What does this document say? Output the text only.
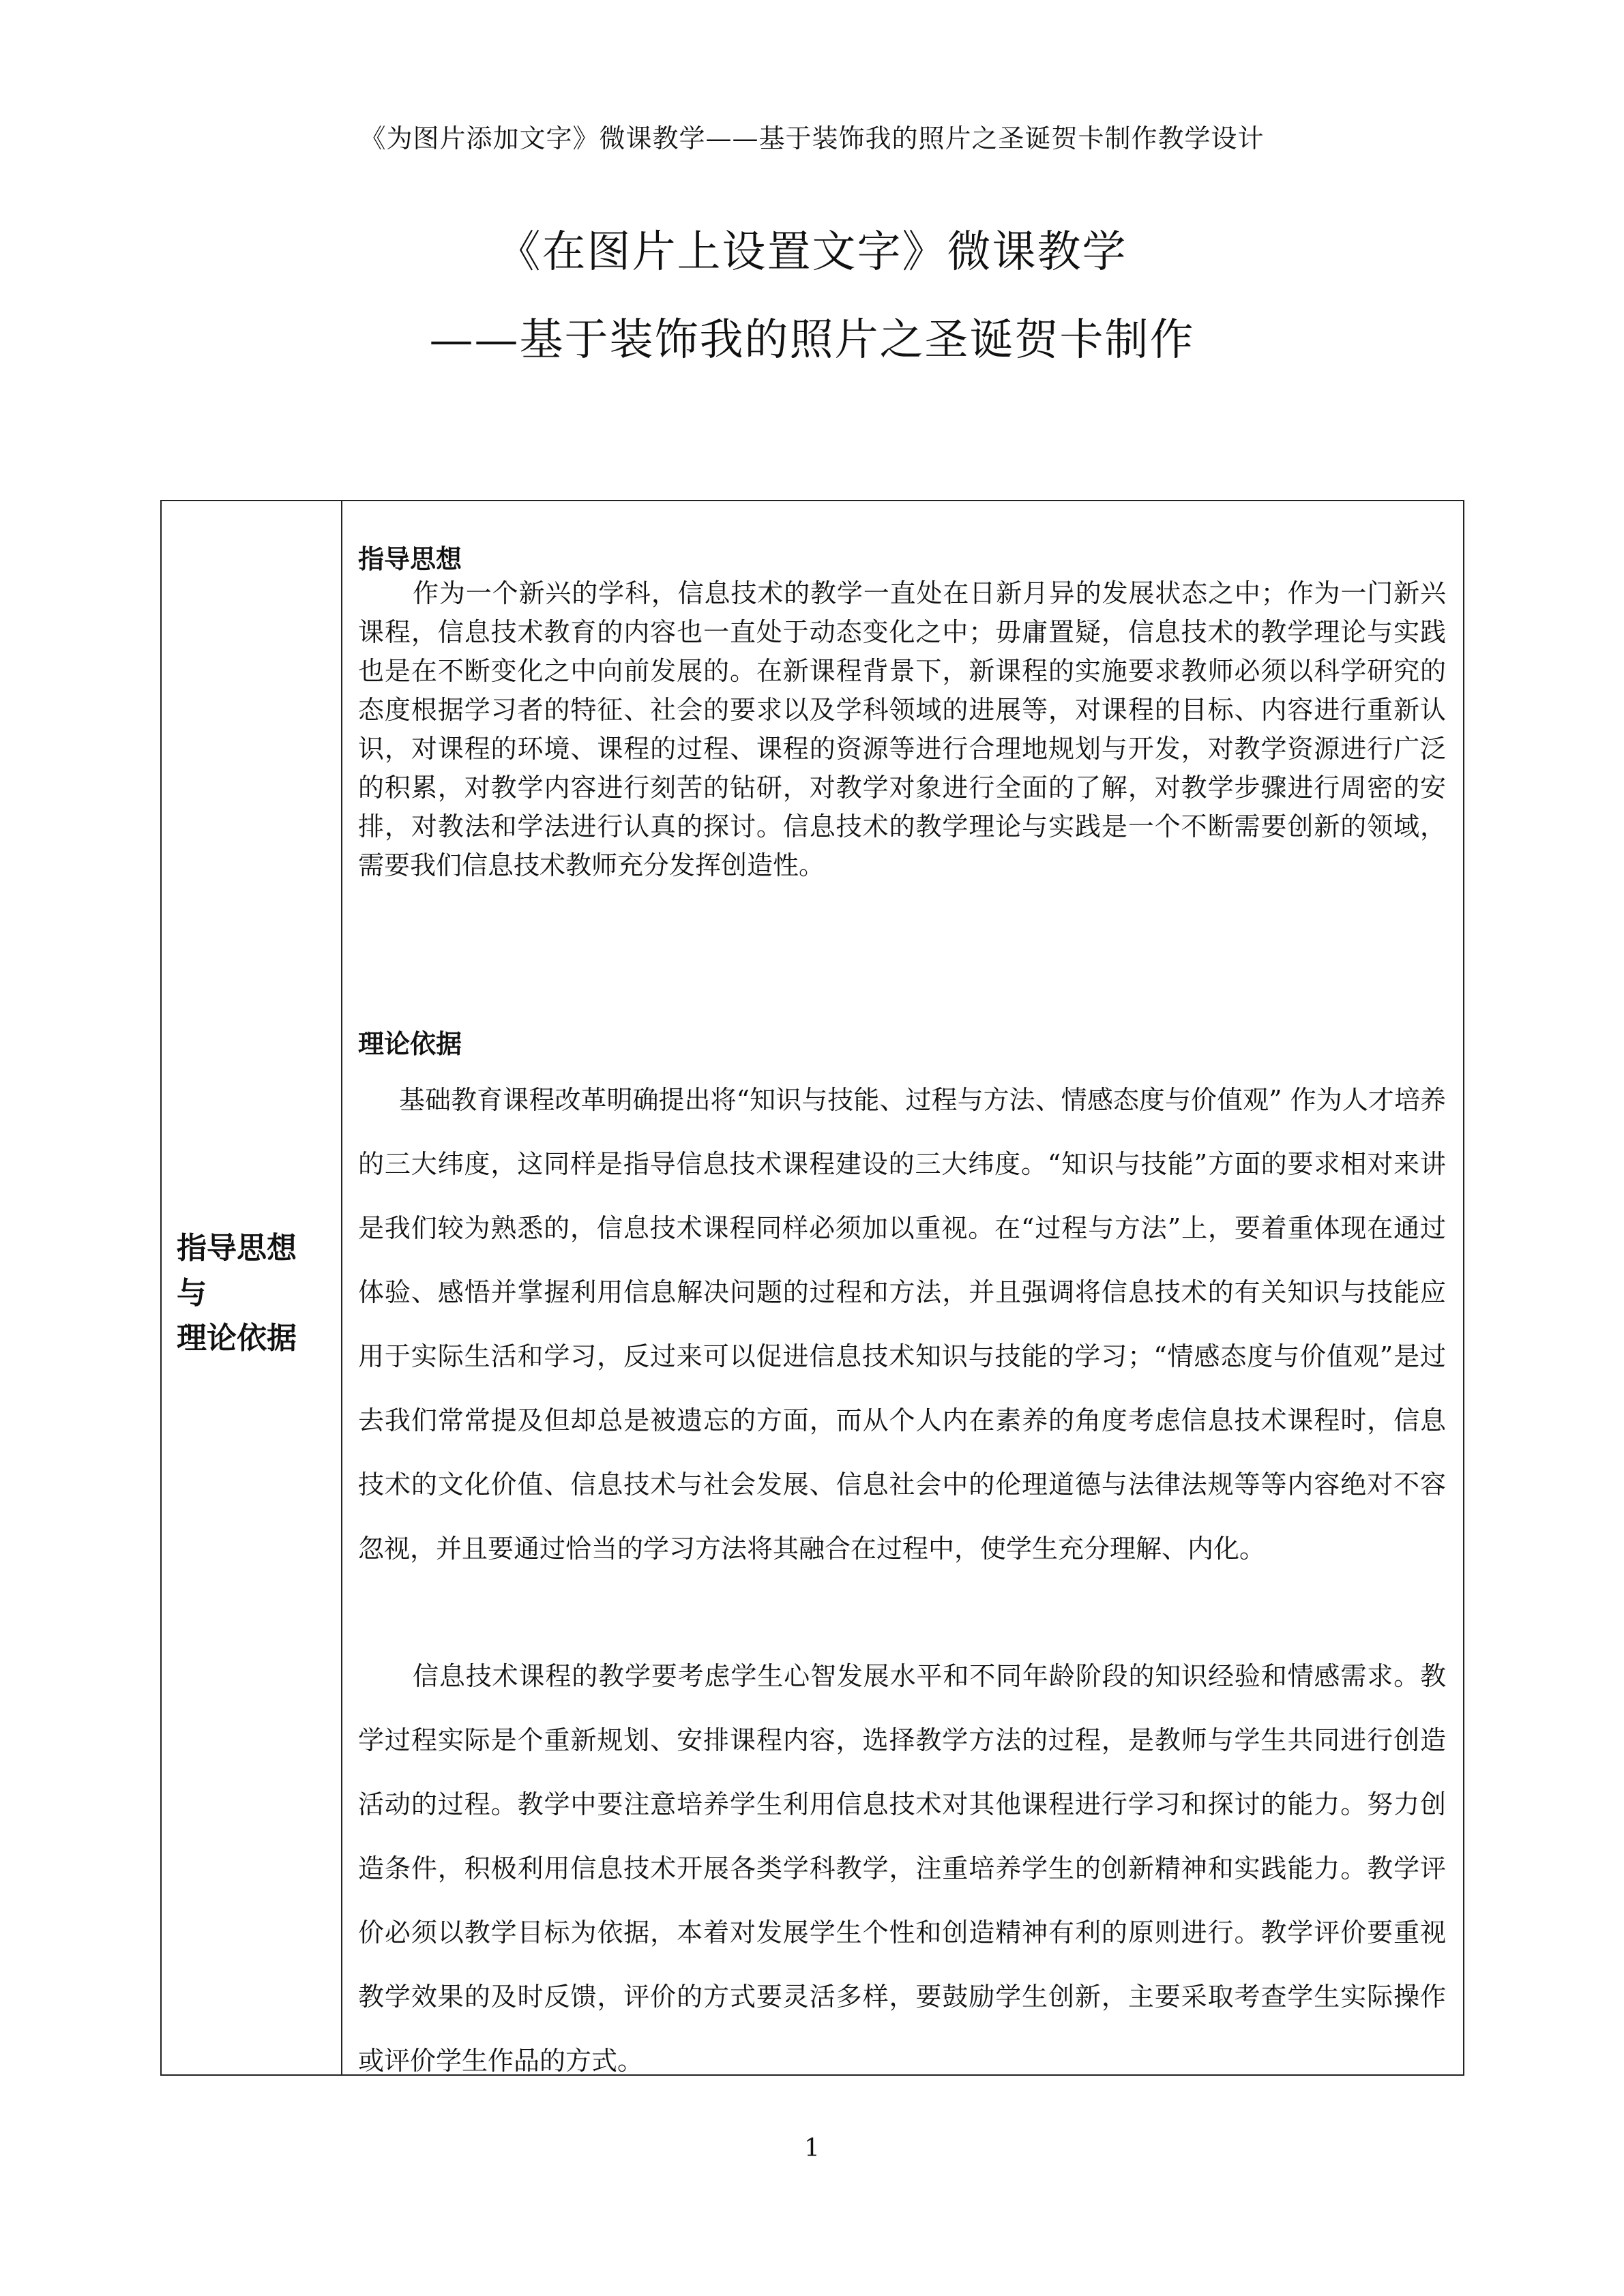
《为图片添加文字》微课教学——基于装饰我的照片之圣诞贺卡制作教学设计
《在图片上设置文字》微课教学
——基于装饰我的照片之圣诞贺卡制作
指导思想
与
理论依据
指导思想
作为一个新兴的学科，信息技术的教学一直处在日新月异的发展状态之中；作为一门新兴课程，信息技术教育的内容也一直处于动态变化之中；毋庸置疑，信息技术的教学理论与实践也是在不断变化之中向前发展的。在新课程背景下，新课程的实施要求教师必须以科学研究的态度根据学习者的特征、社会的要求以及学科领域的进展等，对课程的目标、内容进行重新认识，对课程的环境、课程的过程、课程的资源等进行合理地规划与开发，对教学资源进行广泛的积累，对教学内容进行刻苦的钻研，对教学对象进行全面的了解，对教学步骤进行周密的安排，对教法和学法进行认真的探讨。信息技术的教学理论与实践是一个不断需要创新的领域，需要我们信息技术教师充分发挥创造性。
理论依据
基础教育课程改革明确提出将“知识与技能、过程与方法、情感态度与价值观” 作为人才培养的三大纬度，这同样是指导信息技术课程建设的三大纬度。“知识与技能”方面的要求相对来讲是我们较为熟悉的，信息技术课程同样必须加以重视。在“过程与方法”上，要着重体现在通过体验、感悟并掌握利用信息解决问题的过程和方法，并且强调将信息技术的有关知识与技能应用于实际生活和学习，反过来可以促进信息技术知识与技能的学习；“情感态度与价值观”是过去我们常常提及但却总是被遗忘的方面，而从个人内在素养的角度考虑信息技术课程时，信息技术的文化价值、信息技术与社会发展、信息社会中的伦理道德与法律法规等等内容绝对不容忽视，并且要通过恰当的学习方法将其融合在过程中，使学生充分理解、内化。
信息技术课程的教学要考虑学生心智发展水平和不同年龄阶段的知识经验和情感需求。教学过程实际是个重新规划、安排课程内容，选择教学方法的过程，是教师与学生共同进行创造活动的过程。教学中要注意培养学生利用信息技术对其他课程进行学习和探讨的能力。努力创造条件，积极利用信息技术开展各类学科教学，注重培养学生的创新精神和实践能力。教学评价必须以教学目标为依据，本着对发展学生个性和创造精神有利的原则进行。教学评价要重视教学效果的及时反馈，评价的方式要灵活多样，要鼓励学生创新，主要采取考查学生实际操作或评价学生作品的方式。
1
